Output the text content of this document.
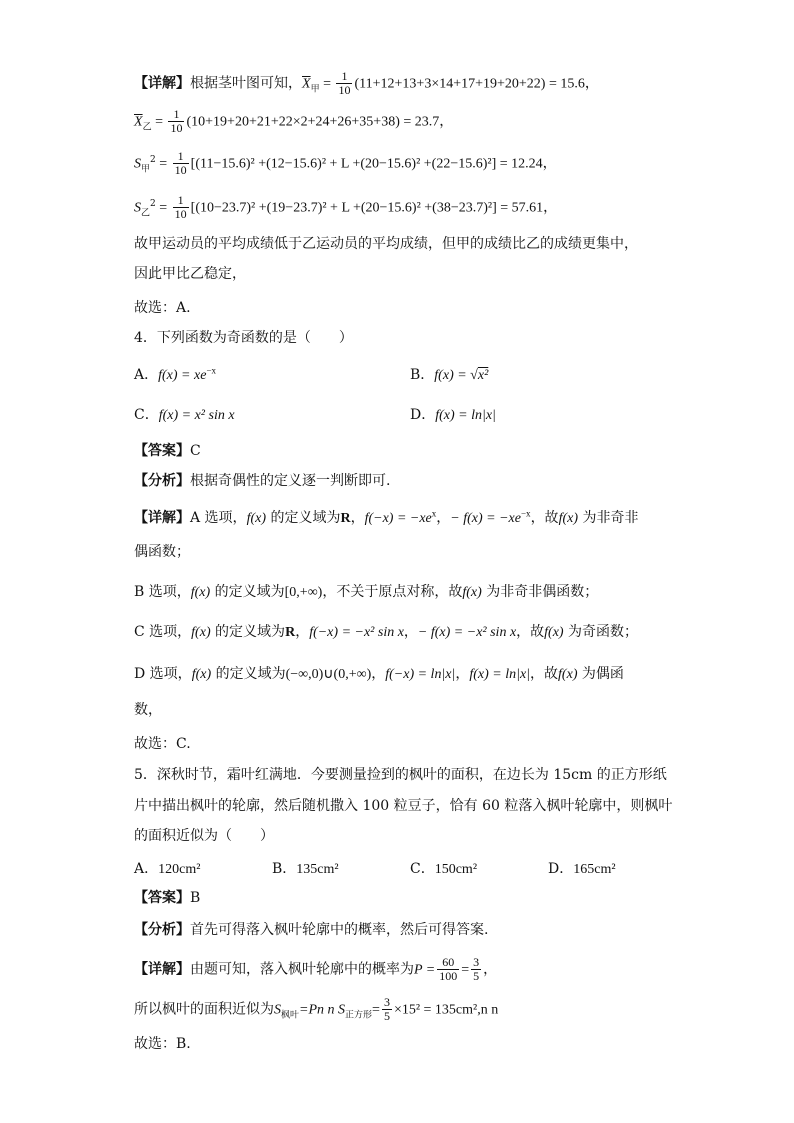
【详解】根据茎叶图可知，$\overline{X}_甲 = \frac{1}{10} (11+12+13+3\times 14+17+19+20+22) = 15.6$，
$\overline{X}_乙 = \frac{1}{10} (10+19+20+21+22\times 2+24+26+35+38) = 23.7$，
$S_甲^2 = \frac{1}{10} [(11-15.6)^2 +(12-15.6)^2 + L +(20-15.6)^2 +(22-15.6)^2] = 12.24$，
$S_乙^2 = \frac{1}{10} [(10-23.7)^2 +(19-23.7)^2 + L +(20-15.6)^2 +(38-23.7)^2] = 57.61$，
故甲运动员的平均成绩低于乙运动员的平均成绩，但甲的成绩比乙的成绩更集中，
因此甲比乙稳定，
故选：A.
4．下列函数为奇函数的是（　　）
A．$f(x) = xe^{-x}$	B．f(x) = √x²
C．f(x) = x² sin x	D．f(x) = ln|x|
【答案】C
【分析】根据奇偶性的定义逐一判断即可.
【详解】A 选项，f(x) 的定义域为R，$f(-x) = -xe^x$，− $f(x) = -xe^{-x}$，故f(x) 为非奇非
偶函数；
B 选项，f(x) 的定义域为[0,+∞)，不关于原点对称，故f(x) 为非奇非偶函数；
C 选项，f(x) 的定义域为R，f(−x) = −x² sin x，− f(x) = −x² sin x，故f(x) 为奇函数；
D 选项，f(x) 的定义域为(−∞,0)∪(0,+∞)，f(−x) = ln|x|，f(x) = ln|x|，故f(x) 为偶函
数，
故选：C.
5．深秋时节，霜叶红满地．今要测量捡到的枫叶的面积，在边长为 15cm 的正方形纸
片中描出枫叶的轮廓，然后随机撒入 100 粒豆子，恰有 60 粒落入枫叶轮廓中，则枫叶
的面积近似为（　　）
A．120cm²	B．135cm²	C．150cm²	D．165cm²
【答案】B
【分析】首先可得落入枫叶轮廓中的概率，然后可得答案.
【详解】由题可知，落入枫叶轮廓中的概率为$P = \frac{60}{100} = \frac{3}{5}$ ，
所以枫叶的面积近似为$S_{枫叶}=Pn$ n $S_{正方形}= \frac{3}{5} \times 15^2 = 135cm^2,n$ n
故选：B.
